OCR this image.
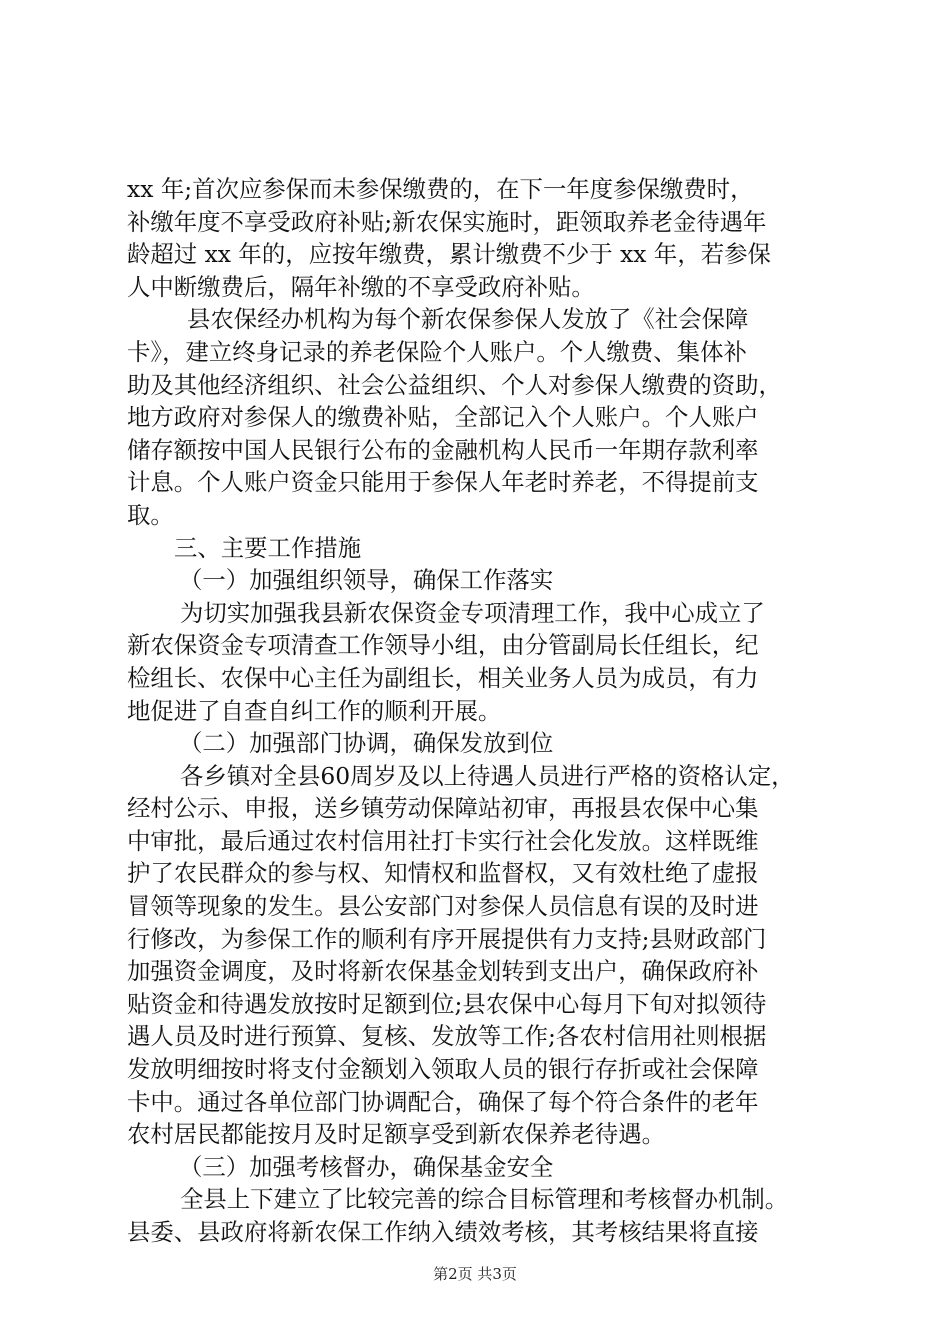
xx 年;首次应参保而未参保缴费的，在下一年度参保缴费时，
补缴年度不享受政府补贴;新农保实施时，距领取养老金待遇年
龄超过 xx 年的，应按年缴费，累计缴费不少于 xx 年，若参保
人中断缴费后，隔年补缴的不享受政府补贴。
县农保经办机构为每个新农保参保人发放了《社会保障
卡》，建立终身记录的养老保险个人账户。个人缴费、集体补
助及其他经济组织、社会公益组织、个人对参保人缴费的资助，
地方政府对参保人的缴费补贴，全部记入个人账户。个人账户
储存额按中国人民银行公布的金融机构人民币一年期存款利率
计息。个人账户资金只能用于参保人年老时养老，不得提前支
取。
三、主要工作措施
（一）加强组织领导，确保工作落实
为切实加强我县新农保资金专项清理工作，我中心成立了
新农保资金专项清查工作领导小组，由分管副局长任组长，纪
检组长、农保中心主任为副组长，相关业务人员为成员，有力
地促进了自查自纠工作的顺利开展。
（二）加强部门协调，确保发放到位
各乡镇对全县60周岁及以上待遇人员进行严格的资格认定，
经村公示、申报，送乡镇劳动保障站初审，再报县农保中心集
中审批，最后通过农村信用社打卡实行社会化发放。这样既维
护了农民群众的参与权、知情权和监督权，又有效杜绝了虚报
冒领等现象的发生。县公安部门对参保人员信息有误的及时进
行修改，为参保工作的顺利有序开展提供有力支持;县财政部门
加强资金调度，及时将新农保基金划转到支出户，确保政府补
贴资金和待遇发放按时足额到位;县农保中心每月下旬对拟领待
遇人员及时进行预算、复核、发放等工作;各农村信用社则根据
发放明细按时将支付金额划入领取人员的银行存折或社会保障
卡中。通过各单位部门协调配合，确保了每个符合条件的老年
农村居民都能按月及时足额享受到新农保养老待遇。
（三）加强考核督办，确保基金安全
全县上下建立了比较完善的综合目标管理和考核督办机制。
县委、县政府将新农保工作纳入绩效考核，其考核结果将直接
第2页 共3页
